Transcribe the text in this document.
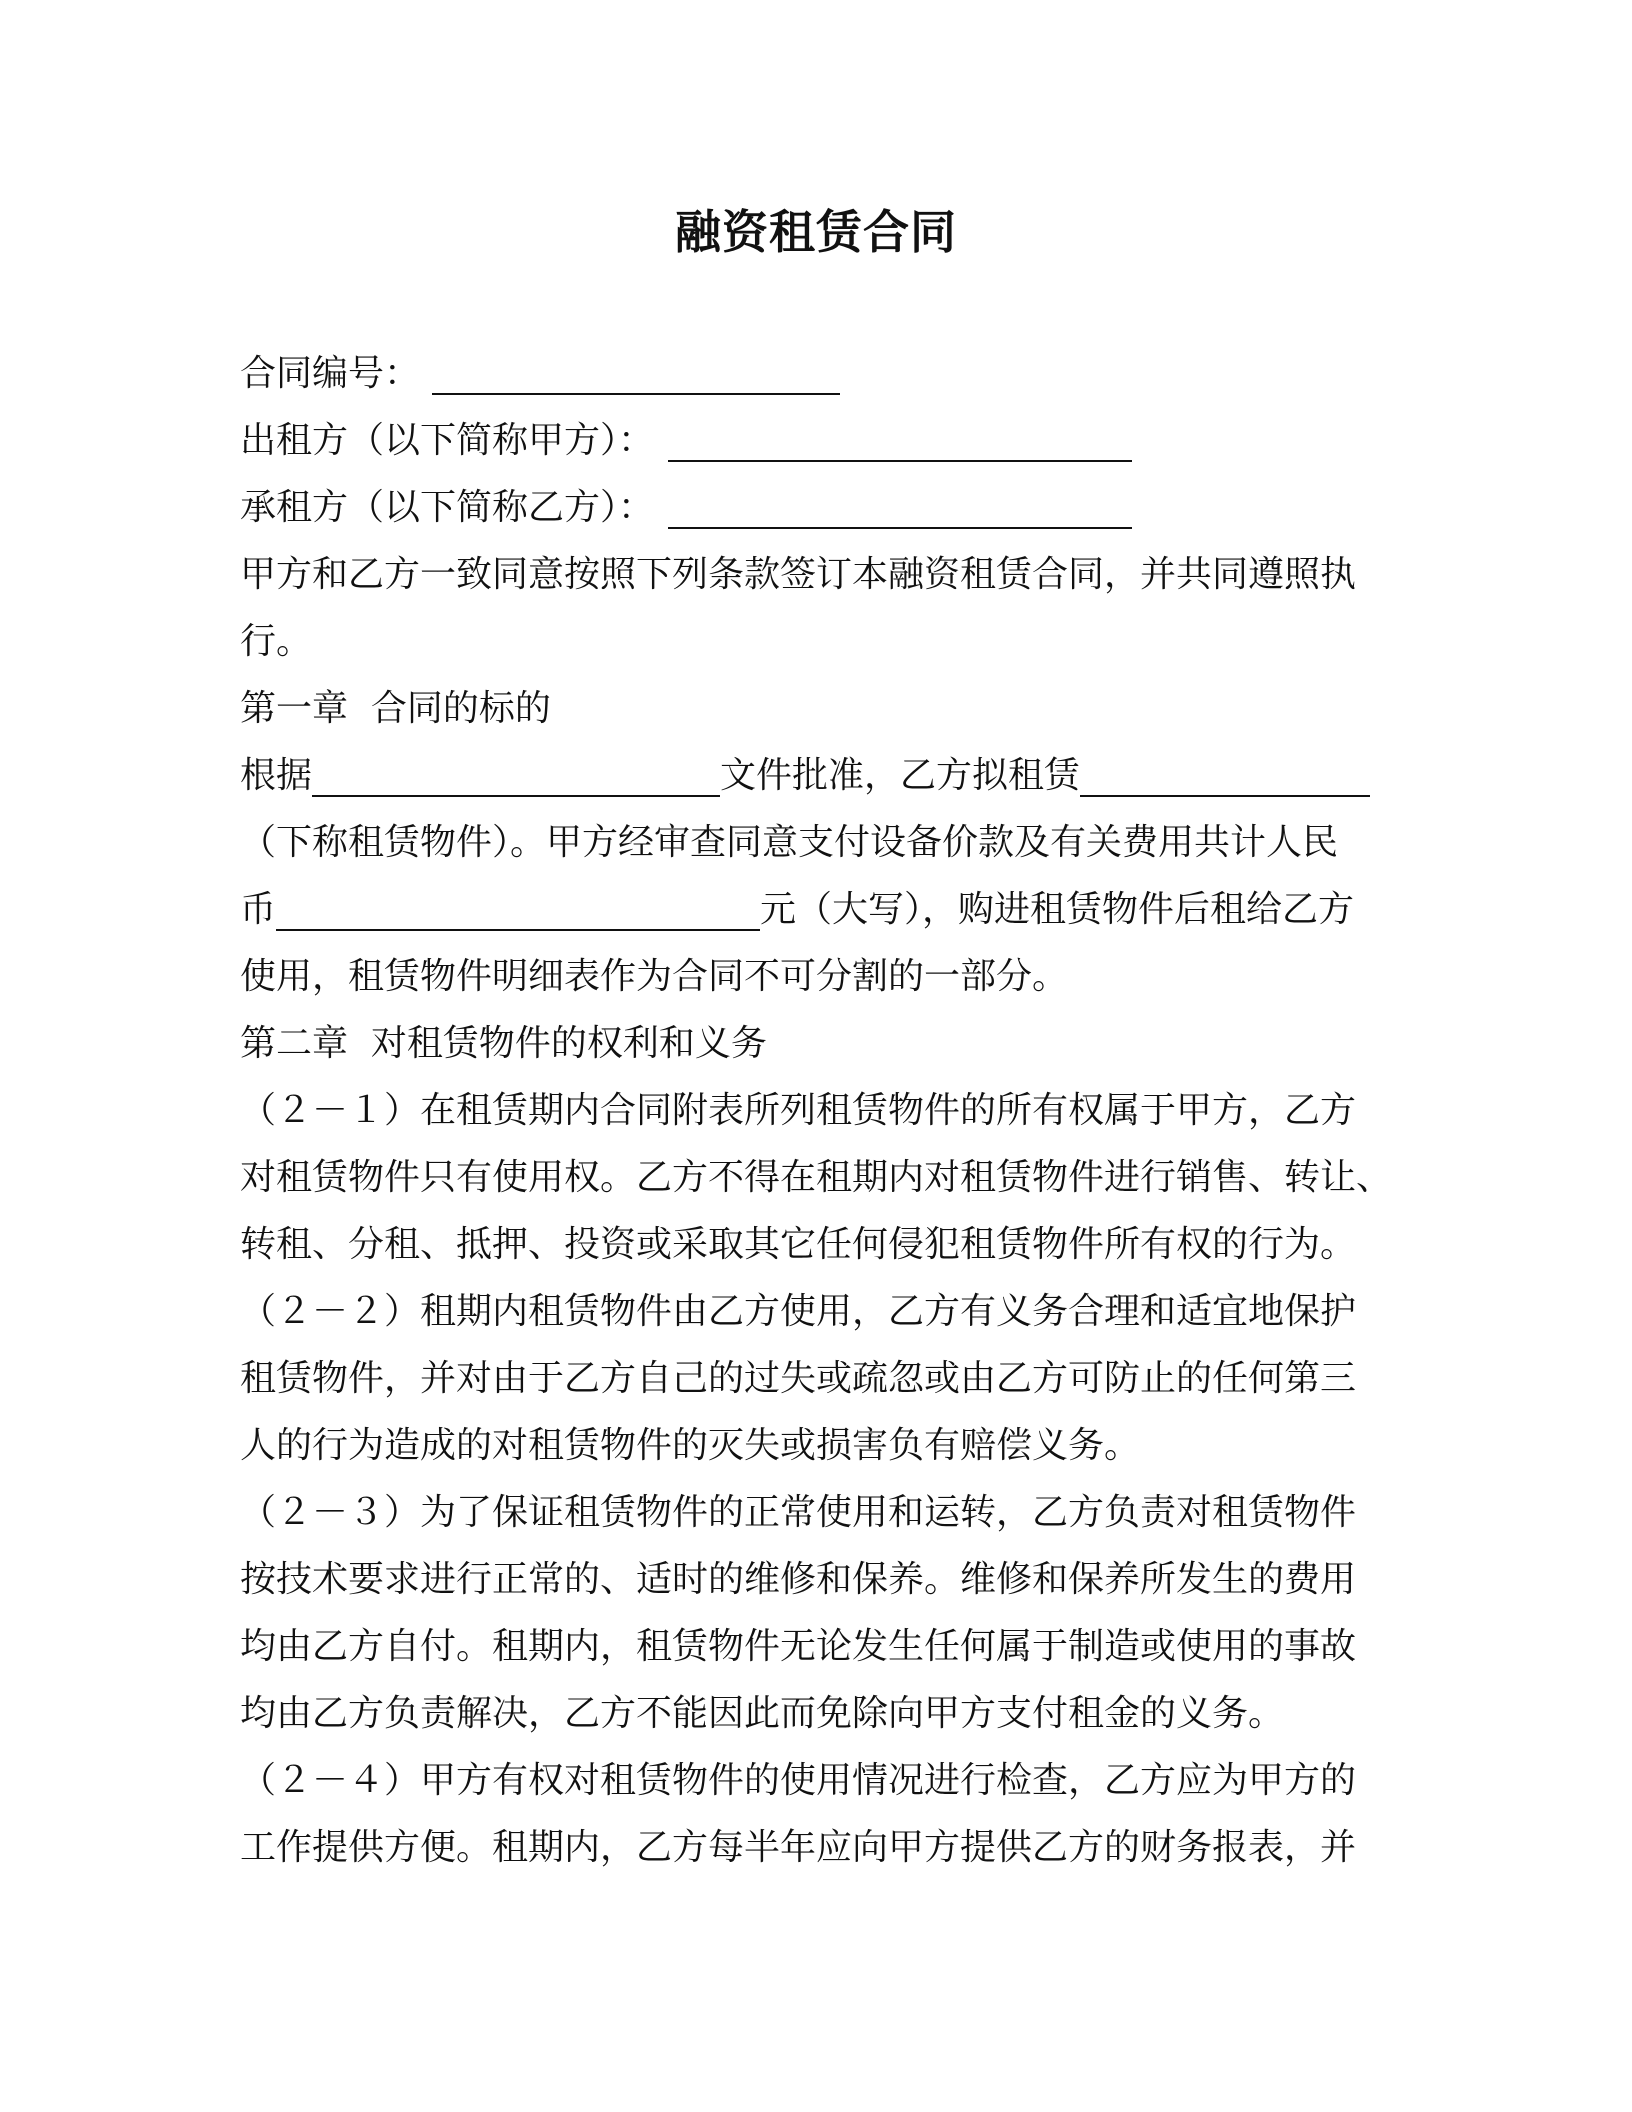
融资租赁合同
合同编号：
出租方（以下简称甲方）：
承租方（以下简称乙方）：
甲方和乙方一致同意按照下列条款签订本融资租赁合同，并共同遵照执
行。
第一章  合同的标的
根据	文件批准，乙方拟租赁
（下称租赁物件）。甲方经审查同意支付设备价款及有关费用共计人民
币	元（大写），购进租赁物件后租给乙方
使用，租赁物件明细表作为合同不可分割的一部分。
第二章  对租赁物件的权利和义务
（２－１）在租赁期内合同附表所列租赁物件的所有权属于甲方，乙方
对租赁物件只有使用权。乙方不得在租期内对租赁物件进行销售、转让、
转租、分租、抵押、投资或采取其它任何侵犯租赁物件所有权的行为。
（２－２）租期内租赁物件由乙方使用，乙方有义务合理和适宜地保护
租赁物件，并对由于乙方自己的过失或疏忽或由乙方可防止的任何第三
人的行为造成的对租赁物件的灭失或损害负有赔偿义务。
（２－３）为了保证租赁物件的正常使用和运转，乙方负责对租赁物件
按技术要求进行正常的、适时的维修和保养。维修和保养所发生的费用
均由乙方自付。租期内，租赁物件无论发生任何属于制造或使用的事故
均由乙方负责解决，乙方不能因此而免除向甲方支付租金的义务。
（２－４）甲方有权对租赁物件的使用情况进行检查，乙方应为甲方的
工作提供方便。租期内，乙方每半年应向甲方提供乙方的财务报表，并
